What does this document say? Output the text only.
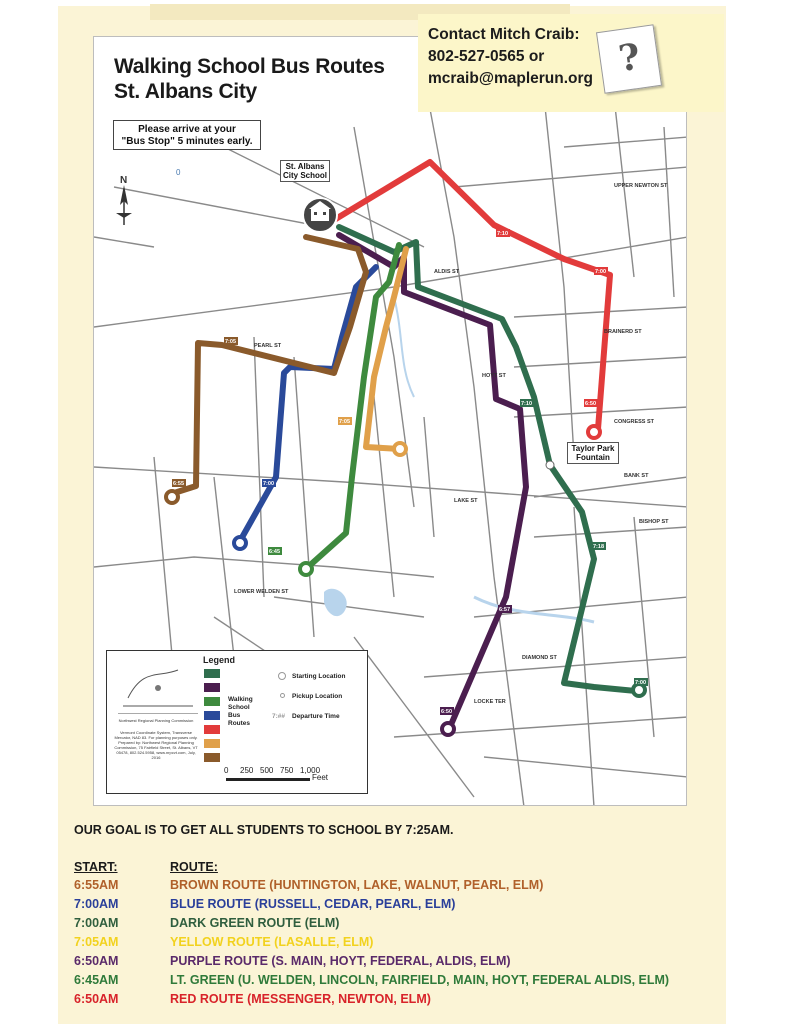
6:50
7:00
7:10
7:00
7:18
7:10
6:50
6:57
6:45
7:05
7:00
6:55
7:05
N
0
PEARL ST
LAKE ST
CONGRESS ST
BANK ST
BISHOP ST
HOYT ST
ALDIS ST
DIAMOND ST
LOWER WELDEN ST
BRAINERD ST
LOCKE TER
UPPER NEWTON ST
Walking School Bus Routes
St. Albans City
Please arrive at your
"Bus Stop" 5 minutes early.
St. Albans
City School
Taylor Park
Fountain
Contact Mitch Craib:
802-527-0565 or
mcraib@maplerun.org ?
Legend
Walking
School
Bus
Routes
Starting Location
Pickup Location
7:## Departure Time
Northwest Regional Planning Commission
Vermont Coordinate System, Transverse Mercator, NAD 83. For planning purposes only. Prepared by: Northwest Regional Planning Commission, 75 Fairfield Street, St. Albans, VT 05478, 802.524.5958, www.nrpcvt.com, July, 2016
0 250 500 750 1,000
Feet
OUR GOAL IS TO GET ALL STUDENTS TO SCHOOL BY 7:25AM.
START:	ROUTE:
6:55AM	BROWN ROUTE (HUNTINGTON, LAKE, WALNUT, PEARL, ELM)
7:00AM	BLUE ROUTE (RUSSELL, CEDAR, PEARL, ELM)
7:00AM	DARK GREEN ROUTE (ELM)
7:05AM	YELLOW ROUTE (LASALLE, ELM)
6:50AM	PURPLE ROUTE (S. MAIN, HOYT, FEDERAL, ALDIS, ELM)
6:45AM	LT. GREEN (U. WELDEN, LINCOLN, FAIRFIELD, MAIN, HOYT, FEDERAL ALDIS, ELM)
6:50AM	RED ROUTE (MESSENGER, NEWTON, ELM)
